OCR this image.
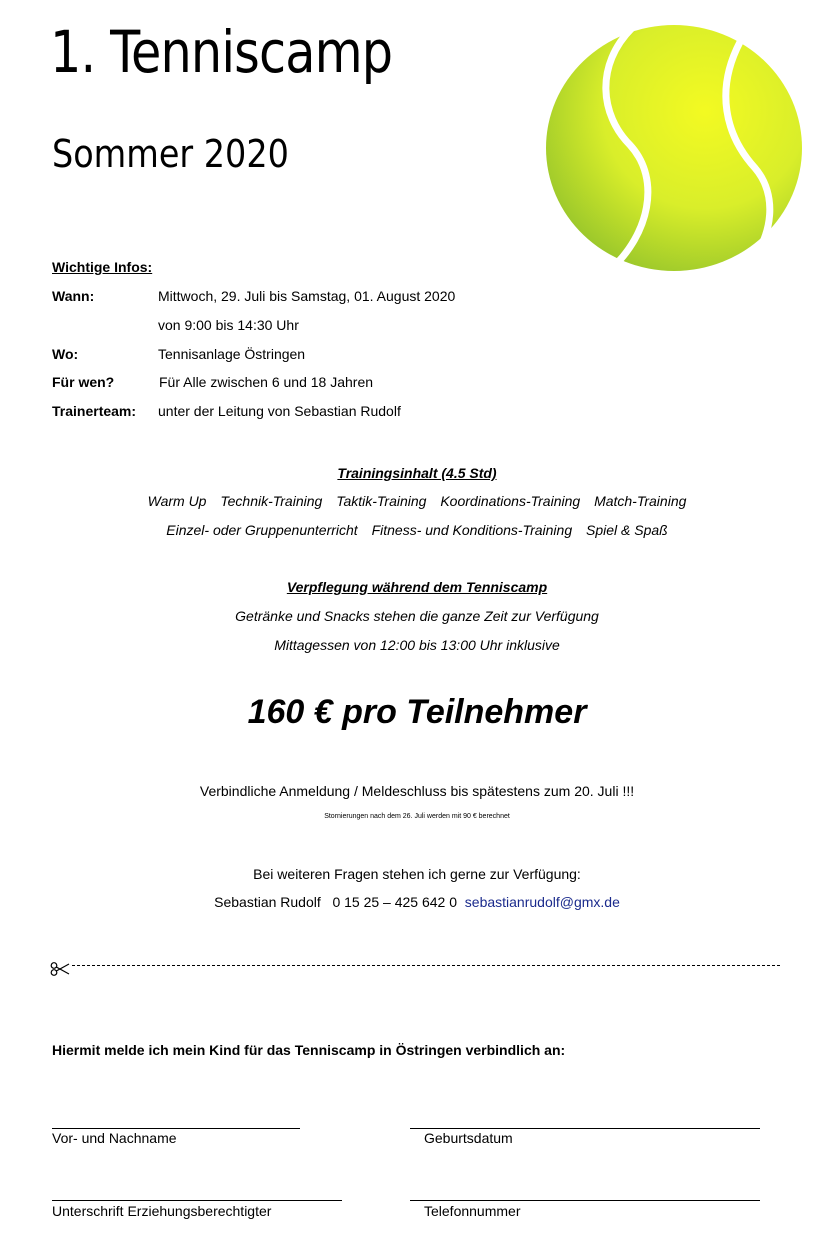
1. Tenniscamp
Sommer 2020
Wichtige Infos:
Wann:	Mittwoch, 29. Juli bis Samstag, 01. August 2020
von 9:00 bis 14:30 Uhr
Wo:	Tennisanlage Östringen
Für wen?	Für Alle zwischen 6 und 18 Jahren
Trainerteam: unter der Leitung von Sebastian Rudolf
Trainingsinhalt (4.5 Std)
Warm Up Technik-Training Taktik-Training Koordinations-Training Match-Training
Einzel- oder Gruppenunterricht Fitness- und Konditions-Training Spiel & Spaß
Verpflegung während dem Tenniscamp
Getränke und Snacks stehen die ganze Zeit zur Verfügung
Mittagessen von 12:00 bis 13:00 Uhr inklusive
160 € pro Teilnehmer
Verbindliche Anmeldung / Meldeschluss bis spätestens zum 20. Juli !!!
Stornierungen nach dem 26. Juli werden mit 90 € berechnet
Bei weiteren Fragen stehen ich gerne zur Verfügung:
Sebastian Rudolf 0 15 25 – 425 642 0 sebastianrudolf@gmx.de
Hiermit melde ich mein Kind für das Tenniscamp in Östringen verbindlich an:
Vor- und Nachname	Geburtsdatum
Unterschrift Erziehungsberechtigter	Telefonnummer
